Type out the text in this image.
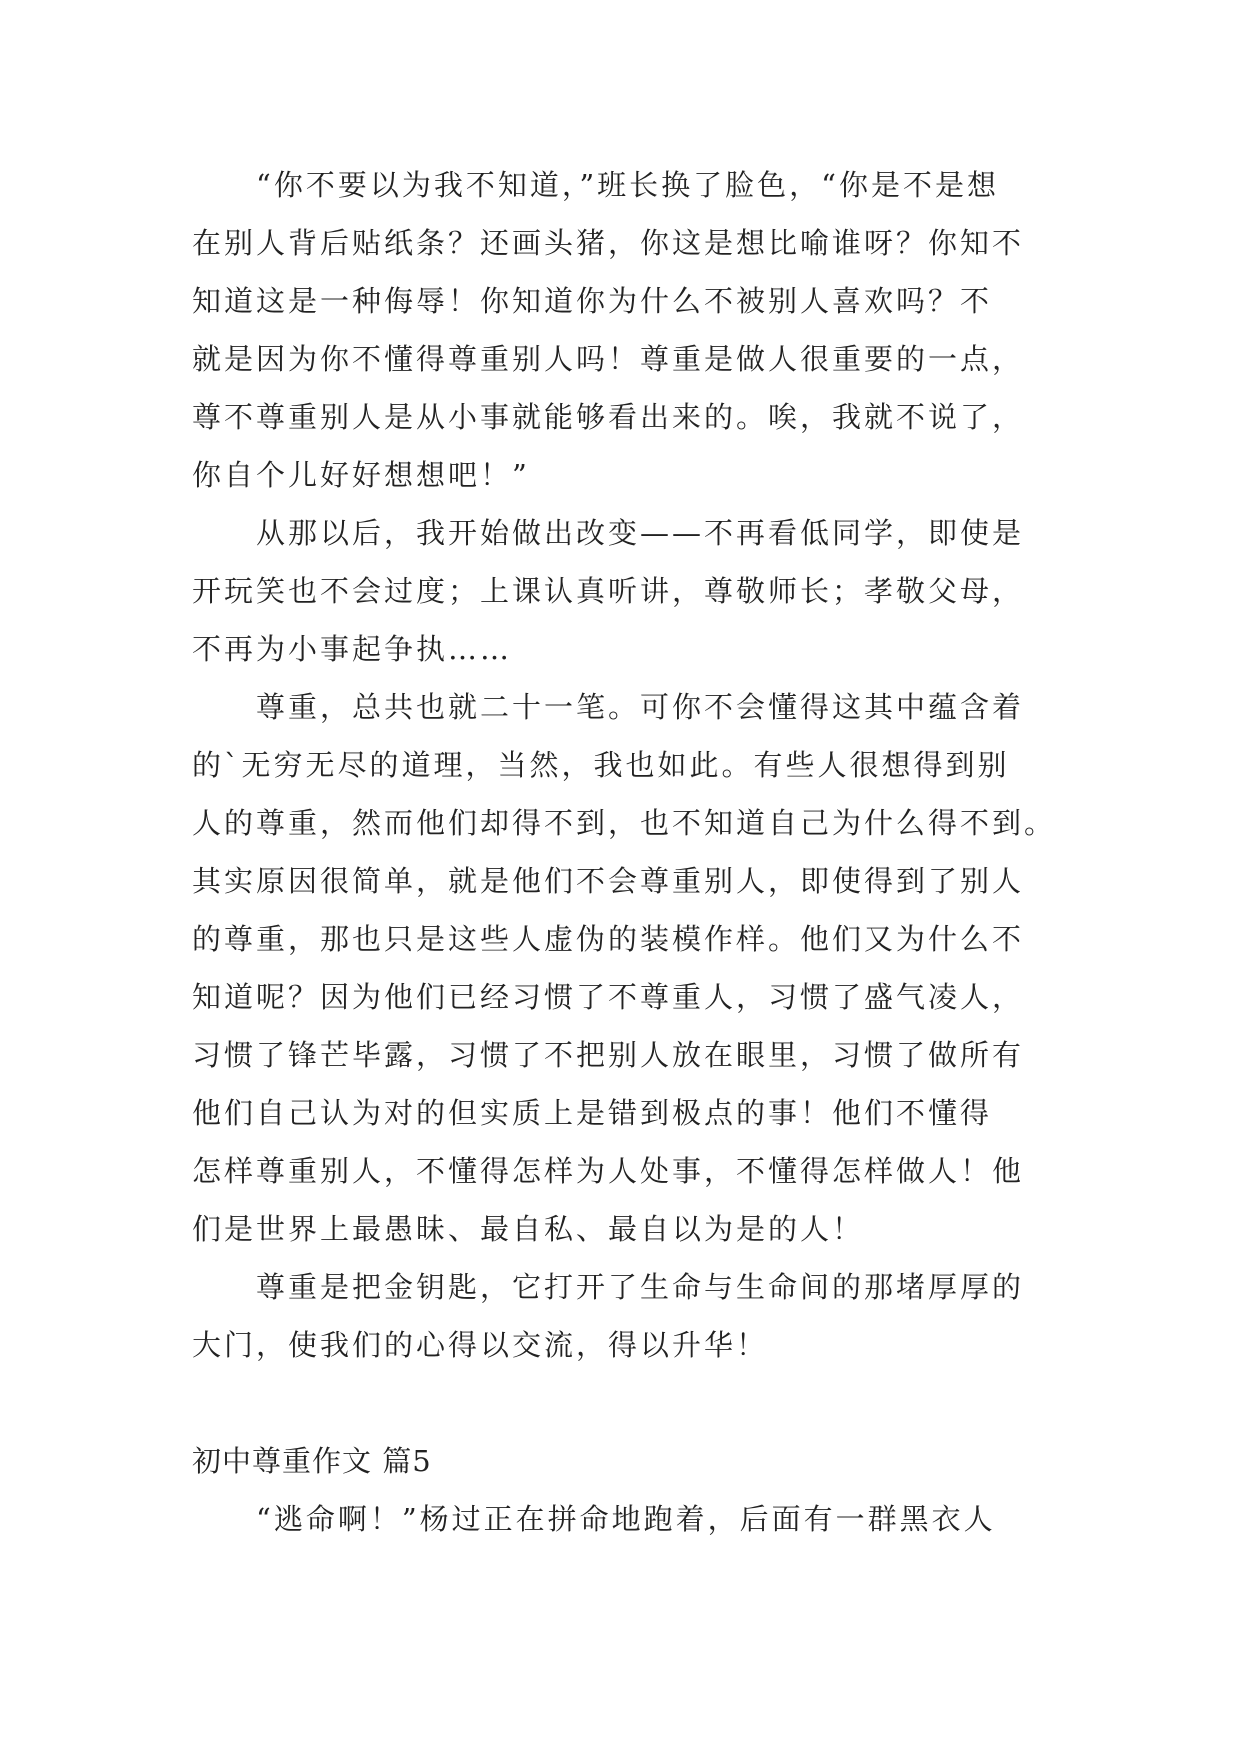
“你不要以为我不知道，”班长换了脸色，“你是不是想
在别人背后贴纸条？还画头猪，你这是想比喻谁呀？你知不
知道这是一种侮辱！你知道你为什么不被别人喜欢吗？不
就是因为你不懂得尊重别人吗！尊重是做人很重要的一点，
尊不尊重别人是从小事就能够看出来的。唉，我就不说了，
你自个儿好好想想吧！”
从那以后，我开始做出改变——不再看低同学，即使是
开玩笑也不会过度；上课认真听讲，尊敬师长；孝敬父母，
不再为小事起争执……
尊重，总共也就二十一笔。可你不会懂得这其中蕴含着
的`无穷无尽的道理，当然，我也如此。有些人很想得到别
人的尊重，然而他们却得不到，也不知道自己为什么得不到。
其实原因很简单，就是他们不会尊重别人，即使得到了别人
的尊重，那也只是这些人虚伪的装模作样。他们又为什么不
知道呢？因为他们已经习惯了不尊重人，习惯了盛气凌人，
习惯了锋芒毕露，习惯了不把别人放在眼里，习惯了做所有
他们自己认为对的但实质上是错到极点的事！他们不懂得
怎样尊重别人，不懂得怎样为人处事，不懂得怎样做人！他
们是世界上最愚昧、最自私、最自以为是的人！
尊重是把金钥匙，它打开了生命与生命间的那堵厚厚的
大门，使我们的心得以交流，得以升华！
初中尊重作文 篇5
“逃命啊！”杨过正在拼命地跑着，后面有一群黑衣人
